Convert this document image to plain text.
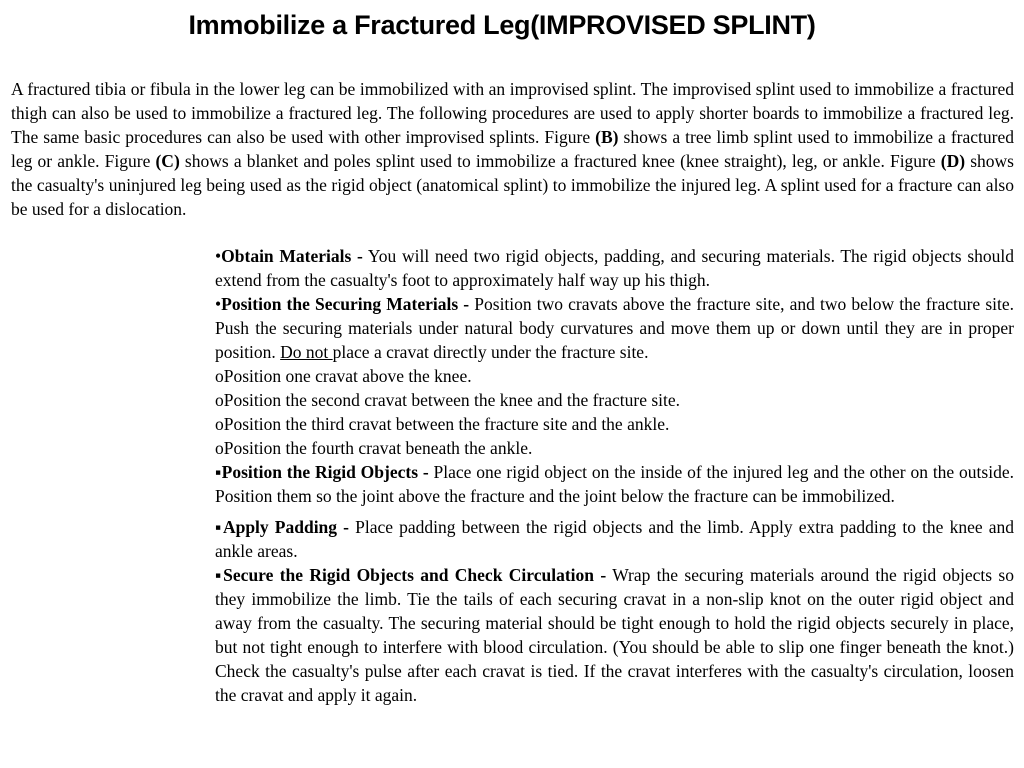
Immobilize a Fractured Leg(IMPROVISED SPLINT)

A fractured tibia or fibula in the lower leg can be immobilized with an improvised splint. The improvised splint used to immobilize a fractured thigh can also be used to immobilize a fractured leg. The following procedures are used to apply shorter boards to immobilize a fractured leg. The same basic procedures can also be used with other improvised splints. Figure (B) shows a tree limb splint used to immobilize a fractured leg or ankle. Figure (C) shows a blanket and poles splint used to immobilize a fractured knee (knee straight), leg, or ankle. Figure (D) shows the casualty's uninjured leg being used as the rigid object (anatomical splint) to immobilize the injured leg. A splint used for a fracture can also be used for a dislocation.

•Obtain Materials - You will need two rigid objects, padding, and securing materials. The rigid objects should extend from the casualty's foot to approximately half way up his thigh.

•Position the Securing Materials - Position two cravats above the fracture site, and two below the fracture site. Push the securing materials under natural body curvatures and move them up or down until they are in proper position. Do not place a cravat directly under the fracture site.

oPosition one cravat above the knee.

oPosition the second cravat between the knee and the fracture site.

oPosition the third cravat between the fracture site and the ankle.

oPosition the fourth cravat beneath the ankle.

▪Position the Rigid Objects - Place one rigid object on the inside of the injured leg and the other on the outside. Position them so the joint above the fracture and the joint below the fracture can be immobilized.

▪Apply Padding - Place padding between the rigid objects and the limb. Apply extra padding to the knee and ankle areas.

▪Secure the Rigid Objects and Check Circulation - Wrap the securing materials around the rigid objects so they immobilize the limb. Tie the tails of each securing cravat in a non-slip knot on the outer rigid object and away from the casualty. The securing material should be tight enough to hold the rigid objects securely in place, but not tight enough to interfere with blood circulation. (You should be able to slip one finger beneath the knot.) Check the casualty's pulse after each cravat is tied. If the cravat interferes with the casualty's circulation, loosen the cravat and apply it again.
